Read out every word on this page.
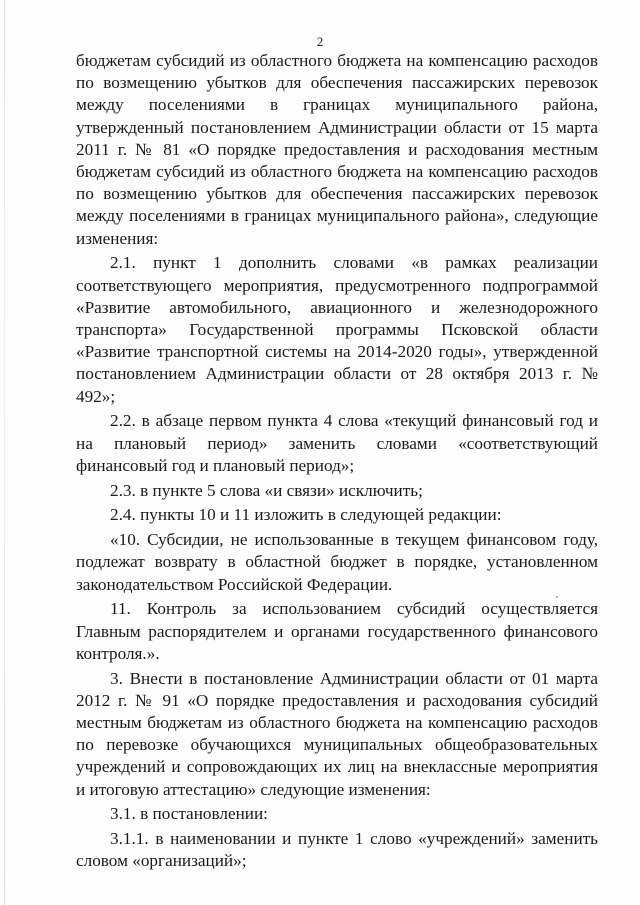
2

бюджетам субсидий из областного бюджета на компенсацию расходов по возмещению убытков для обеспечения пассажирских перевозок между поселениями в границах муниципального района, утвержденный постановлением Администрации области от 15 марта 2011 г. № 81 «О порядке предоставления и расходования местным бюджетам субсидий из областного бюджета на компенсацию расходов по возмещению убытков для обеспечения пассажирских перевозок между поселениями в границах муниципального района», следующие изменения:

2.1. пункт 1 дополнить словами «в рамках реализации соответствующего мероприятия, предусмотренного подпрограммой «Развитие автомобильного, авиационного и железнодорожного транспорта» Государственной программы Псковской области «Развитие транспортной системы на 2014-2020 годы», утвержденной постановлением Администрации области от 28 октября 2013 г. № 492»;

2.2. в абзаце первом пункта 4 слова «текущий финансовый год и на плановый период» заменить словами «соответствующий финансовый год и плановый период»;

2.3. в пункте 5 слова «и связи» исключить;

2.4. пункты 10 и 11 изложить в следующей редакции:

«10. Субсидии, не использованные в текущем финансовом году, подлежат возврату в областной бюджет в порядке, установленном законодательством Российской Федерации.

11. Контроль за использованием субсидий осуществляется Главным распорядителем и органами государственного финансового контроля.».

3. Внести в постановление Администрации области от 01 марта 2012 г. № 91 «О порядке предоставления и расходования субсидий местным бюджетам из областного бюджета на компенсацию расходов по перевозке обучающихся муниципальных общеобразовательных учреждений и сопровождающих их лиц на внеклассные мероприятия и итоговую аттестацию» следующие изменения:

3.1. в постановлении:

3.1.1. в наименовании и пункте 1 слово «учреждений» заменить словом «организаций»;
